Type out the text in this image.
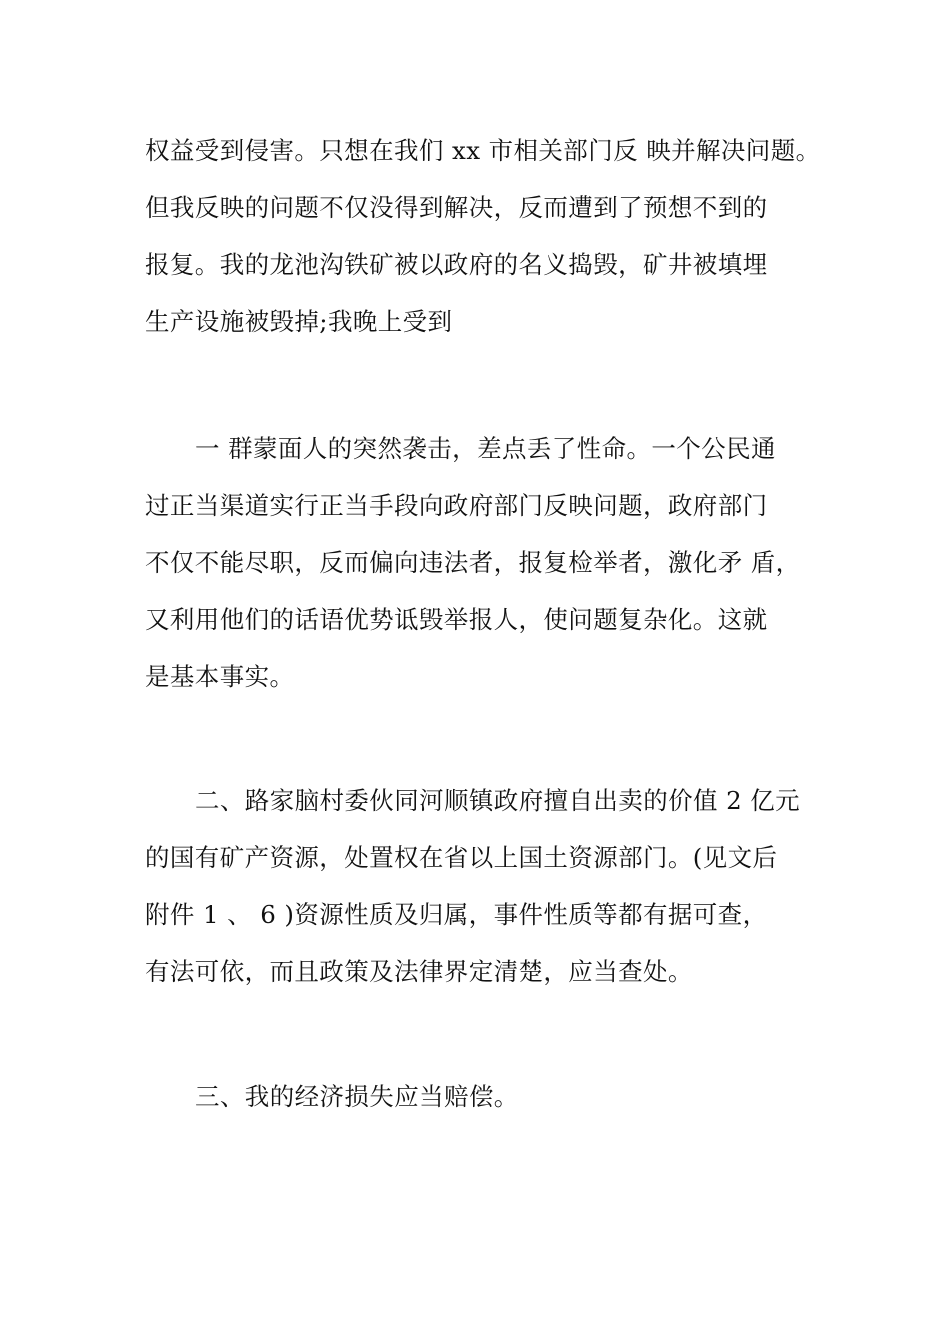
权益受到侵害。只想在我们 xx 市相关部门反 映并解决问题。
但我反映的问题不仅没得到解决，反而遭到了预想不到的
报复。我的龙池沟铁矿被以政府的名义捣毁，矿井被填埋
生产设施被毁掉;我晚上受到
一 群蒙面人的突然袭击，差点丢了性命。一个公民通
过正当渠道实行正当手段向政府部门反映问题，政府部门
不仅不能尽职，反而偏向违法者，报复检举者，激化矛 盾，
又利用他们的话语优势诋毁举报人，使问题复杂化。这就
是基本事实。
二、路家脑村委伙同河顺镇政府擅自出卖的价值 2 亿元
的国有矿产资源，处置权在省以上国土资源部门。(见文后
附件 1 、 6 )资源性质及归属，事件性质等都有据可查，
有法可依，而且政策及法律界定清楚，应当查处。
三、我的经济损失应当赔偿。
